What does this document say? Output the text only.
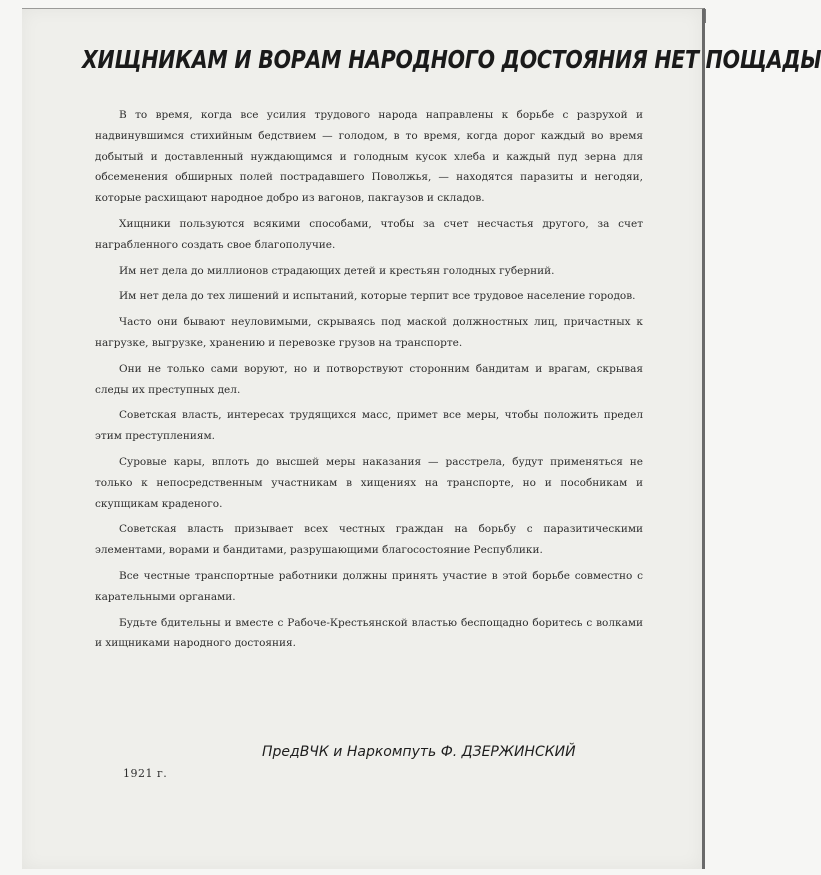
ХИЩНИКАМ И ВОРАМ НАРОДНОГО ДОСТОЯНИЯ НЕТ ПОЩАДЫ

В то время, когда все усилия трудового народа направлены к борьбе с разрухой и надвинувшимся стихийным бедствием — голодом, в то время, когда дорог каждый во время добытый и доставленный нуждающимся и голодным кусок хлеба и каждый пуд зерна для обсеменения обширных полей пострадавшего Поволжья, — находятся паразиты и негодяи, которые расхищают народное добро из вагонов, пакгаузов и складов.

Хищники пользуются всякими способами, чтобы за счет несчастья другого, за счет награбленного создать свое благополучие.

Им нет дела до миллионов страдающих детей и крестьян голодных губерний.

Им нет дела до тех лишений и испытаний, которые терпит все трудовое население городов.

Часто они бывают неуловимыми, скрываясь под маской должностных лиц, причастных к нагрузке, выгрузке, хранению и перевозке грузов на транспорте.

Они не только сами воруют, но и потворствуют сторонним бандитам и врагам, скрывая следы их преступных дел.

Советская власть, интересах трудящихся масс, примет все меры, чтобы положить предел этим преступлениям.

Суровые кары, вплоть до высшей меры наказания — расстрела, будут применяться не только к непосредственным участникам в хищениях на транспорте, но и пособникам и скупщикам краденого.

Советская власть призывает всех честных граждан на борьбу с паразитическими элементами, ворами и бандитами, разрушающими благосостояние Республики.

Все честные транспортные работники должны принять участие в этой борьбе совместно с карательными органами.

Будьте бдительны и вместе с Рабоче-Крестьянской властью беспощадно боритесь с волками и хищниками народного достояния.

ПредВЧК и Наркомпуть Ф. ДЗЕРЖИНСКИЙ
1921 г.
